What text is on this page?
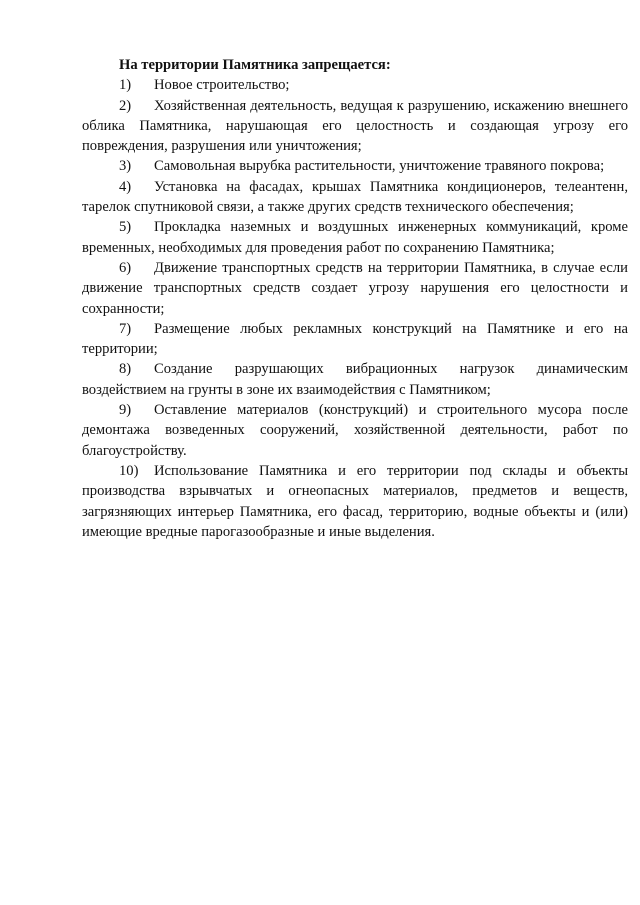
На территории Памятника запрещается:

1) Новое строительство;

2) Хозяйственная деятельность, ведущая к разрушению, искажению внешнего облика Памятника, нарушающая его целостность и создающая угрозу его повреждения, разрушения или уничтожения;

3) Самовольная вырубка растительности, уничтожение травяного покрова;

4) Установка на фасадах, крышах Памятника кондиционеров, телеантенн, тарелок спутниковой связи, а также других средств технического обеспечения;

5) Прокладка наземных и воздушных инженерных коммуникаций, кроме временных, необходимых для проведения работ по сохранению Памятника;

6) Движение транспортных средств на территории Памятника, в случае если движение транспортных средств создает угрозу нарушения его целостности и сохранности;

7) Размещение любых рекламных конструкций на Памятнике и его на территории;

8) Создание разрушающих вибрационных нагрузок динамическим воздействием на грунты в зоне их взаимодействия с Памятником;

9) Оставление материалов (конструкций) и строительного мусора после демонтажа возведенных сооружений, хозяйственной деятельности, работ по благоустройству.

10) Использование Памятника и его территории под склады и объекты производства взрывчатых и огнеопасных материалов, предметов и веществ, загрязняющих интерьер Памятника, его фасад, территорию, водные объекты и (или) имеющие вредные парогазообразные и иные выделения.
